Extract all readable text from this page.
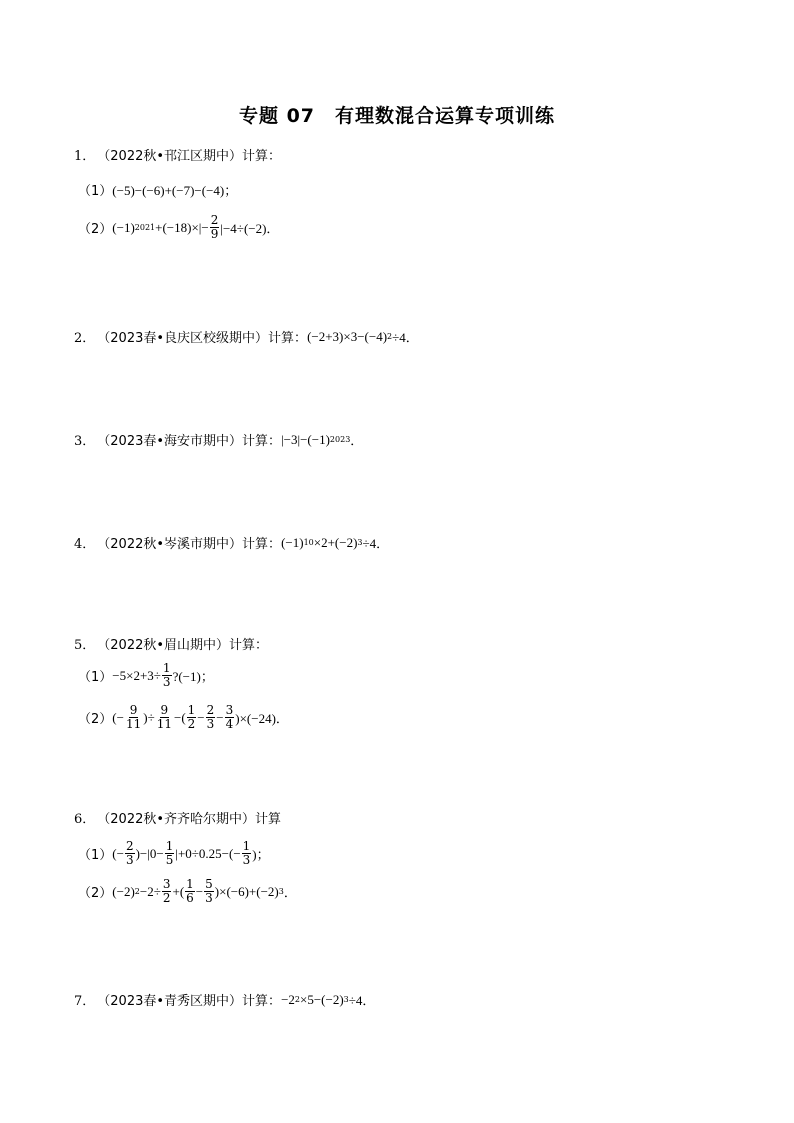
专题 07　有理数混合运算专项训练
1． （2022秋•邗江区期中） 计算：
（1） (−5)−(−6)+(−7)−(−4)；
（2） (−1) $2021 +(-18)\times|- \frac{2}{9} |-4\div(-2)$．
2． （2023春•良庆区校级期中） 计算： (−2+3)×3−(−4) 2 ÷4．
3． （2023春•海安市期中） 计算： |−3|−(−1) 2023 ．
4． （2022秋•岑溪市期中） 计算： (−1) 10 ×2+(−2) 3 ÷4．
5． （2022秋•眉山期中） 计算：
$(1) -5\times 2+3\div \frac{1}{3}$ ?(−1)；
（2） (− $\frac{9}{11}$ )÷ $\frac{9}{11}$ −( $\frac{1}{2} - \frac{2}{3} - \frac{3}{4} )\times(-24)$．
6． （2022秋•齐齐哈尔期中） 计算
（1） (− $\frac{2}{3} )-|0- \frac{1}{5} |+0\div 0.25-(- \frac{1}{3}$ )；
（2） (−2) $2 -2\div \frac{3}{2}$ +( $\frac{1}{6} - \frac{5}{3} )\times(-6)+(-2)$ 3 ．
7． （2023春•青秀区期中） 计算： −2 2 ×5−(−2) 3 ÷4．
